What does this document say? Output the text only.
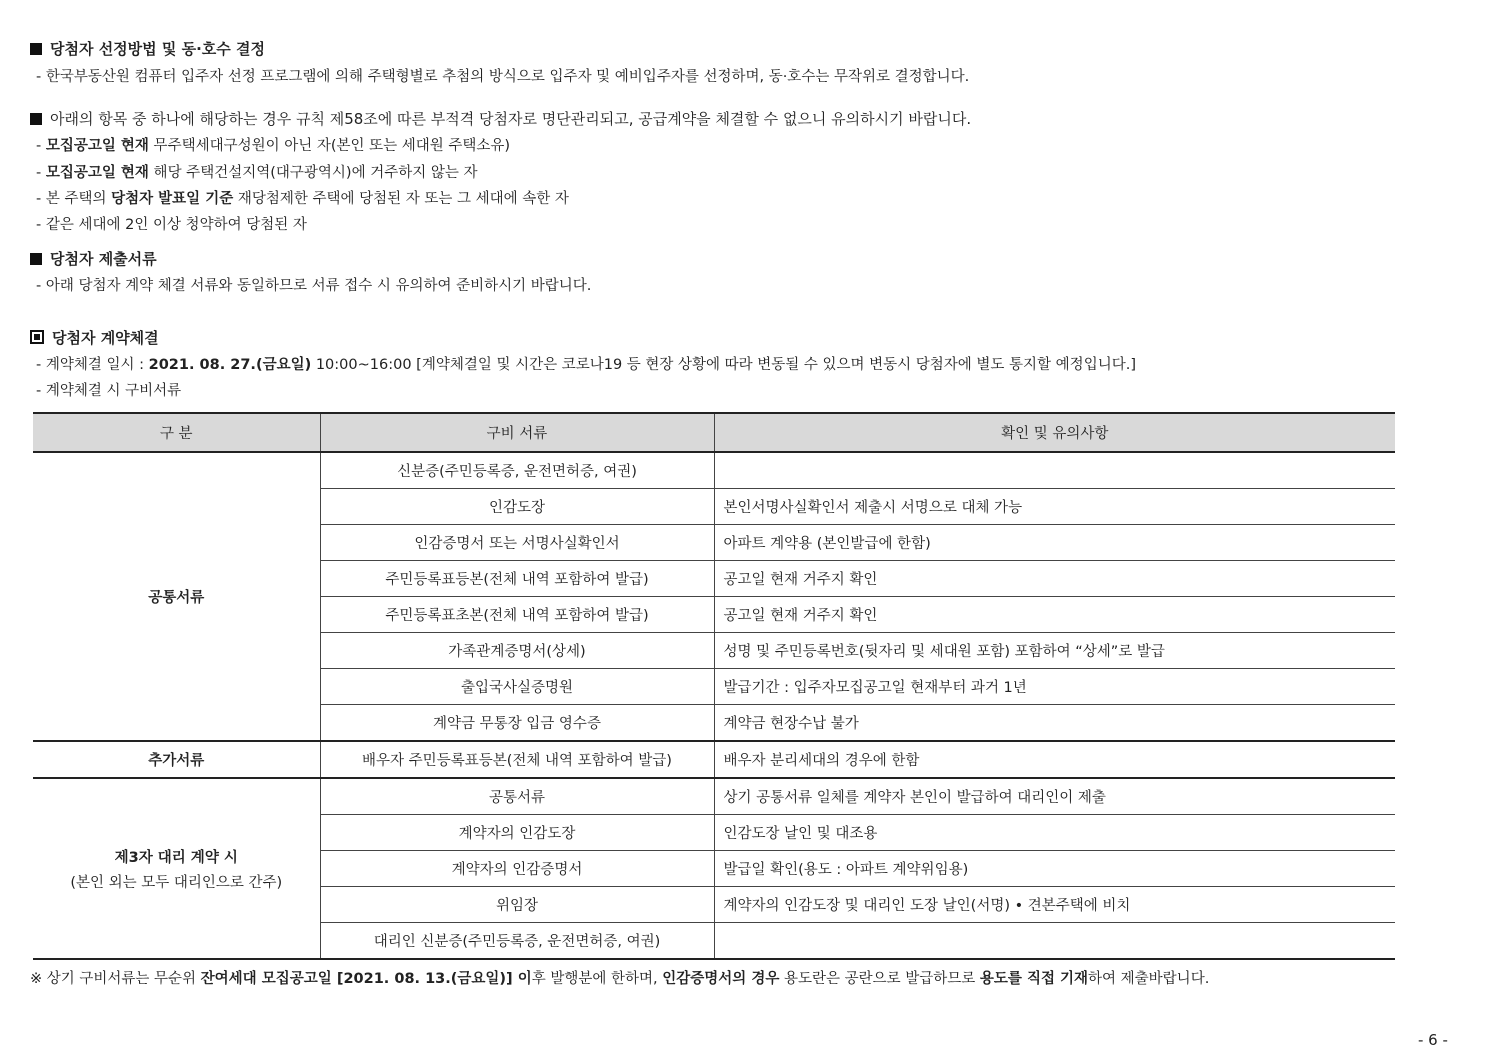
당첨자 선정방법 및 동·호수 결정
- 한국부동산원 컴퓨터 입주자 선정 프로그램에 의해 주택형별로 추첨의 방식으로 입주자 및 예비입주자를 선정하며, 동·호수는 무작위로 결정합니다.
아래의 항목 중 하나에 해당하는 경우 규칙 제58조에 따른 부적격 당첨자로 명단관리되고, 공급계약을 체결할 수 없으니 유의하시기 바랍니다.
- 모집공고일 현재 무주택세대구성원이 아닌 자(본인 또는 세대원 주택소유)
- 모집공고일 현재 해당 주택건설지역(대구광역시)에 거주하지 않는 자
- 본 주택의 당첨자 발표일 기준 재당첨제한 주택에 당첨된 자 또는 그 세대에 속한 자
- 같은 세대에 2인 이상 청약하여 당첨된 자
당첨자 제출서류
- 아래 당첨자 계약 체결 서류와 동일하므로 서류 접수 시 유의하여 준비하시기 바랍니다.
당첨자 계약체결
- 계약체결 일시 : 2021. 08. 27.(금요일) 10:00~16:00 [계약체결일 및 시간은 코로나19 등 현장 상황에 따라 변동될 수 있으며 변동시 당첨자에 별도 통지할 예정입니다.]
- 계약체결 시 구비서류
구 분	구비 서류	확인 및 유의사항
공통서류	신분증(주민등록증, 운전면허증, 여권)	
	인감도장	본인서명사실확인서 제출시 서명으로 대체 가능
	인감증명서 또는 서명사실확인서	아파트 계약용 (본인발급에 한함)
	주민등록표등본(전체 내역 포함하여 발급)	공고일 현재 거주지 확인
	주민등록표초본(전체 내역 포함하여 발급)	공고일 현재 거주지 확인
	가족관계증명서(상세)	성명 및 주민등록번호(뒷자리 및 세대원 포함) 포함하여 “상세”로 발급
	출입국사실증명원	발급기간 : 입주자모집공고일 현재부터 과거 1년
	계약금 무통장 입금 영수증	계약금 현장수납 불가
추가서류	배우자 주민등록표등본(전체 내역 포함하여 발급)	배우자 분리세대의 경우에 한함
제3자 대리 계약 시
(본인 외는 모두 대리인으로 간주)	공통서류	상기 공통서류 일체를 계약자 본인이 발급하여 대리인이 제출
	계약자의 인감도장	인감도장 날인 및 대조용
	계약자의 인감증명서	발급일 확인(용도 : 아파트 계약위임용)
	위임장	계약자의 인감도장 및 대리인 도장 날인(서명) • 견본주택에 비치
	대리인 신분증(주민등록증, 운전면허증, 여권)	
※ 상기 구비서류는 무순위 잔여세대 모집공고일 [2021. 08. 13.(금요일)] 이후 발행분에 한하며, 인감증명서의 경우 용도란은 공란으로 발급하므로 용도를 직접 기재하여 제출바랍니다.
- 6 -
